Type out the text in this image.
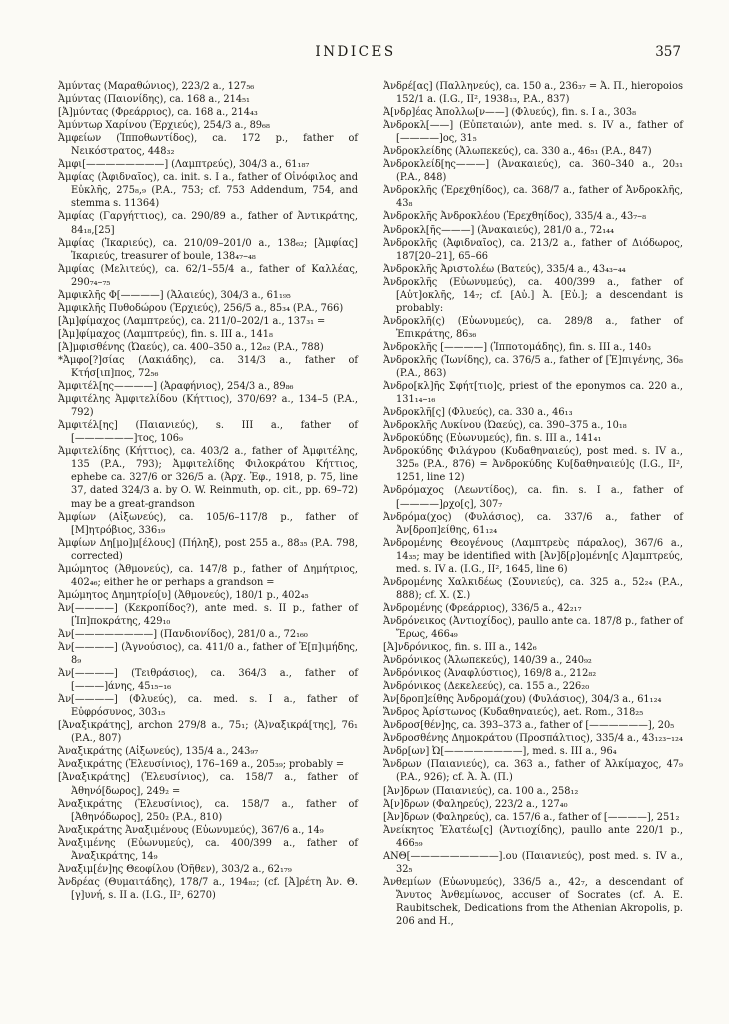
INDICES	357

Ἀμύντας (Μαραθώνιος), 223/2 a., 127₅₆

Ἀμύντας (Παιονίδης), ca. 168 a., 214₅₁

[Ἀ]μύντας (Φρεάρριος), ca. 168 a., 214₄₃

Ἀμύντωρ Χαρίνου (Ἐρχιεύς), 254/3 a., 89₆₈

Ἀμφείων (Ἱπποθωντίδος), ca. 172 p., father of Νεικόστρατος, 448₃₂

Ἀμφι[————————] (Λαμπτρεύς), 304/3 a., 61₁₈₇

Ἀμφίας (Ἀφιδναῖος), ca. init. s. I a., father of Οἰνόφιλος and Εὐκλῆς, 275₈,₉ (P.A., 753; cf. 753 Addendum, 754, and stemma s. 11364)

Ἀμφίας (Γαργήττιος), ca. 290/89 a., father of Ἀντικράτης, 84₁₈,[25]

Ἀμφίας (Ἰκαριεύς), ca. 210/09–201/0 a., 138₆₂; [Ἀμφίας] Ἰκαριεύς, treasurer of boule, 138₄₇–₄₈

Ἀμφίας (Μελιτεύς), ca. 62/1–55/4 a., father of Καλλέας, 290₇₄–₇₅

Ἀμφικλῆς Φ[————] (Ἁλαιεύς), 304/3 a., 61₁₉₅

Ἀμφικλῆς Πυθοδώρου (Ἐρχιεύς), 256/5 a., 85₃₄ (P.A., 766)

[Ἀμ]φίμαχος (Λαμπτρεύς), ca. 211/0–202/1 a., 137₃₁ =

[Ἀμ]φίμαχος (Λαμπτρεύς), fin. s. III a., 141₈

[Ἀ]μφισθένης (Ὠαεύς), ca. 400–350 a., 12₆₂ (P.A., 788)

*Ἀμφο[?]σίας (Λακιάδης), ca. 314/3 a., father of Κτήσ[ιπ]πος, 72₅₆

Ἀμφιτέλ[ης————] (Ἀραφήνιος), 254/3 a., 89₈₆

Ἀμφιτέλης Ἀμφιτελίδου (Κήττιος), 370/69? a., 134–5 (P.A., 792)

Ἀμφιτέλ[ης] (Παιανιεύς), s. III a., father of [——————]τος, 106₉

Ἀμφιτελίδης (Κήττιος), ca. 403/2 a., father of Ἀμφιτέλης, 135 (P.A., 793); Ἀμφιτελίδης Φιλοκράτου Κήττιος, ephebe ca. 327/6 or 326/5 a. (Ἀρχ. Ἐφ., 1918, p. 75, line 37, dated 324/3 a. by O. W. Reinmuth, op. cit., pp. 69–72) may be a great-grandson

Ἀμφίων (Αἰξωνεύς), ca. 105/6–117/8 p., father of [Μ]ητρόβιος, 336₁₉

Ἀμφίων Δη[μο]μ[έλους] (Πήληξ), post 255 a., 88₃₅ (P.A. 798, corrected)

Ἀμώμητος (Ἀθμονεύς), ca. 147/8 p., father of Δημήτριος, 402₄₆; either he or perhaps a grandson =

Ἀμώμητος Δημητρίο[υ] (Ἀθμονεύς), 180/1 p., 402₄₅

Ἀν[————] (Κεκροπίδος?), ante med. s. II p., father of [Ἱπ]ποκράτης, 429₁₀

Ἀν[————————] (Πανδιονίδος), 281/0 a., 72₁₆₀

Ἀν[————] (Ἀγνούσιος), ca. 411/0 a., father of Ἐ[π]ιμήδης, 8₉

Ἀν[————] (Τειθράσιος), ca. 364/3 a., father of [———]άνης, 45₁₅–₁₆

Ἀν[————] (Φλυεύς), ca. med. s. I a., father of Εὐφρόσυνος, 303₁₅

[Ἀναξικράτης], archon 279/8 a., 75₁; ⟨Ἀ⟩ναξικρά[της], 76₁ (P.A., 807)

Ἀναξικράτης (Αἰξωνεύς), 135/4 a., 243₉₇

Ἀναξικράτης (Ἐλευσίνιος), 176–169 a., 205₃₉; probably =

[Ἀναξικράτης] (Ἐλευσίνιος), ca. 158/7 a., father of Ἀθηνό[δωρος], 249₂ =

Ἀναξικράτης (Ἐλευσίνιος), ca. 158/7 a., father of [Ἀθηνόδωρος], 250₂ (P.A., 810)

Ἀναξικράτης Ἀναξιμένους (Εὐωνυμεύς), 367/6 a., 14₉

Ἀναξιμένης (Εὐωνυμεύς), ca. 400/399 a., father of Ἀναξικράτης, 14₉

Ἀναξιμ[έν]ης Θεοφίλου (Ὀῆθεν), 303/2 a., 62₁₇₉

Ἀνδρέας (Θυμαιτάδης), 178/7 a., 194₈₂; (cf. [Ἀ]ρέτη Ἀν. Θ. [γ]υνή, s. II a. (I.G., II², 6270)

Ἀνδρέ[ας] (Παλληνεύς), ca. 150 a., 236₃₇ = Ἀ. Π., hieropoios 152/1 a. (I.G., II², 1938₁₃, P.A., 837)

Ἀ[νδρ]έας Ἀπολλω[ν——] (Φλυεύς), fin. s. I a., 303₈

Ἀνδροκλ[——] (Εὐπεταιών), ante med. s. IV a., father of [————]ος, 31₅

Ἀνδροκλείδης (Ἀλωπεκεύς), ca. 330 a., 46₅₁ (P.A., 847)

Ἀνδροκλείδ[ης———] (Ἀνακαιεύς), ca. 360–340 a., 20₃₁ (P.A., 848)

Ἀνδροκλῆς (Ἐρεχθηίδος), ca. 368/7 a., father of Ἀνδροκλῆς, 43₈

Ἀνδροκλῆς Ἀνδροκλέου (Ἐρεχθηίδος), 335/4 a., 43₇–₈

Ἀνδροκλ[ῆς———] (Ἀνακαιεύς), 281/0 a., 72₁₄₄

Ἀνδροκλῆς (Ἀφιδναῖος), ca. 213/2 a., father of Διόδωρος, 187[20–21], 65–66

Ἀνδροκλῆς Ἀριστολέω (Βατεύς), 335/4 a., 43₄₃–₄₄

Ἀνδροκλῆς (Εὐωνυμεύς), ca. 400/399 a., father of [Αὐτ]οκλῆς, 14₇; cf. [Αὐ.] Ἀ. [Εὐ.]; a descendant is probably:

Ἀνδροκλῆ(ς) (Εὐωνυμεύς), ca. 289/8 a., father of Ἐπικράτης, 86₃₆

Ἀνδροκλῆς [————] (Ἱπποτομάδης), fin. s. III a., 140₃

Ἀνδροκλῆς (Ἰωνίδης), ca. 376/5 a., father of [Ἐ]πιγένης, 36₈ (P.A., 863)

Ἀνδρο[κλ]ῆς Σφήτ[τιο]ς, priest of the eponymos ca. 220 a., 131₁₄–₁₆

Ἀνδροκλῆ[ς] (Φλυεύς), ca. 330 a., 46₁₃

Ἀνδροκλῆς Λυκίνου (Ὠαεύς), ca. 390–375 a., 10₁₈

Ἀνδροκύδης (Εὐωνυμεύς), fin. s. III a., 141₄₁

Ἀνδροκύδης Φιλάγρου (Κυδαθηναιεύς), post med. s. IV a., 325₆ (P.A., 876) = Ἀνδροκύδης Κυ[δαθηναιεύ]ς (I.G., II², 1251, line 12)

Ἀνδρόμαχος (Λεωντίδος), ca. fin. s. I a., father of [————]ρχο[ς], 307₇

Ἀνδρόμα(χος) (Φυλάσιος), ca. 337/6 a., father of Ἀν[δροπ]είθης, 61₁₂₄

Ἀνδρομένης Θεογένους (Λαμπτρεὺς πάραλος), 367/6 a., 14₃₅; may be identified with [Ἀν]δ[ρ]ομένη[ς Λ]αμπτρεύς, med. s. IV a. (I.G., II², 1645, line 6)

Ἀνδρομένης Χαλκιδέως (Σουνιεύς), ca. 325 a., 52₂₄ (P.A., 888); cf. Χ. (Σ.)

Ἀνδρομένης (Φρεάρριος), 336/5 a., 42₂₁₇

Ἀνδρόνεικος (Ἀντιοχίδος), paullo ante ca. 187/8 p., father of Ἔρως, 466₄₉

[Ἀ]νδρόνικος, fin. s. III a., 142₆

Ἀνδρόνικος (Ἀλωπεκεύς), 140/39 a., 240₉₂

Ἀνδρόνικος (Ἀναφλύστιος), 169/8 a., 212₈₂

Ἀνδρόνικος (Δεκελεεύς), ca. 155 a., 226₂₀

Ἀν[δροπ]είθης Ἀνδρομά(χου) (Φυλάσιος), 304/3 a., 61₁₂₄

Ἄνδρος Ἀρίστωνος (Κυδαθηναιεύς), aet. Rom., 318₂₅

Ἀνδροσ[θέν]ης, ca. 393–373 a., father of [——————], 20₅

Ἀνδροσθένης Δημοκράτου (Προσπάλτιος), 335/4 a., 43₁₂₃–₁₂₄

Ἀνδρ[ων] Ὠ[————————], med. s. III a., 96₄

Ἄνδρων (Παιανιεύς), ca. 363 a., father of Ἀλκίμαχος, 47₉ (P.A., 926); cf. Ἀ. Ἀ. (Π.)

[Ἀν]δρων (Παιανιεύς), ca. 100 a., 258₁₂

Ἀ[ν]δρων (Φαληρεύς), 223/2 a., 127₄₀

[Ἀν]δρων (Φαληρεύς), ca. 157/6 a., father of [————], 251₂

Ἀνείκητος Ἐλατέω[ς] (Ἀντιοχίδης), paullo ante 220/1 p., 466₅₉

ΑΝΘ[—————————].ου (Παιανιεύς), post med. s. IV a., 32₅

Ἀνθεμίων (Εὐωνυμεύς), 336/5 a., 42₇, a descendant of Ἄνυτος Ἀνθεμίωνος, accuser of Socrates (cf. A. E. Raubitschek, Dedications from the Athenian Akropolis, p. 206 and H.,
